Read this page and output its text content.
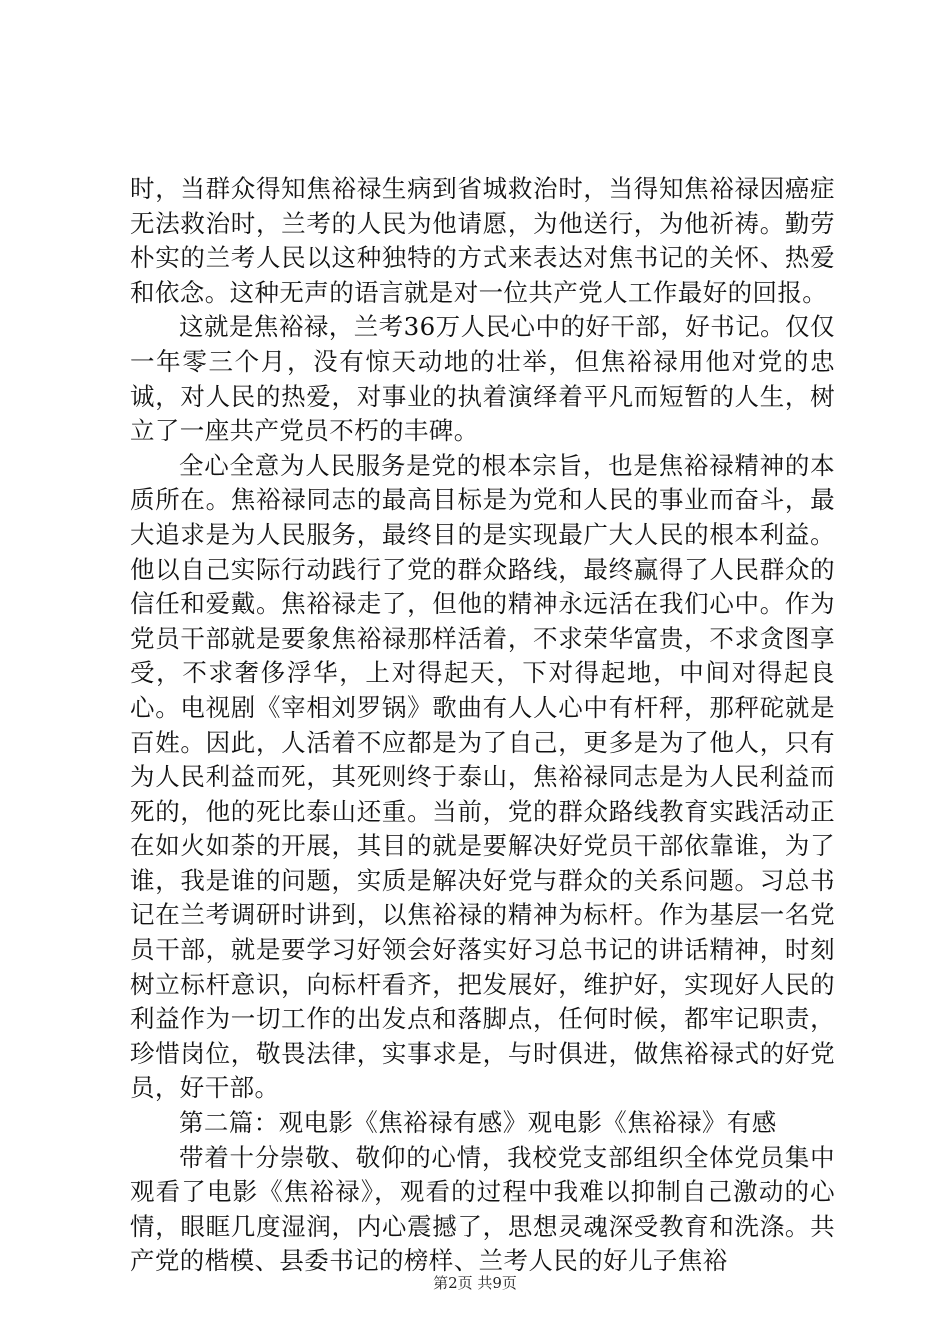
时，当群众得知焦裕禄生病到省城救治时，当得知焦裕禄因癌症无法救治时，兰考的人民为他请愿，为他送行，为他祈祷。勤劳朴实的兰考人民以这种独特的方式来表达对焦书记的关怀、热爱和依念。这种无声的语言就是对一位共产党人工作最好的回报。

这就是焦裕禄，兰考36万人民心中的好干部，好书记。仅仅一年零三个月，没有惊天动地的壮举，但焦裕禄用他对党的忠诚，对人民的热爱，对事业的执着演绎着平凡而短暂的人生，树立了一座共产党员不朽的丰碑。

全心全意为人民服务是党的根本宗旨，也是焦裕禄精神的本质所在。焦裕禄同志的最高目标是为党和人民的事业而奋斗，最大追求是为人民服务，最终目的是实现最广大人民的根本利益。他以自己实际行动践行了党的群众路线，最终赢得了人民群众的信任和爱戴。焦裕禄走了，但他的精神永远活在我们心中。作为党员干部就是要象焦裕禄那样活着，不求荣华富贵，不求贪图享受，不求奢侈浮华，上对得起天，下对得起地，中间对得起良心。电视剧《宰相刘罗锅》歌曲有人人心中有杆秤，那秤砣就是百姓。因此，人活着不应都是为了自己，更多是为了他人，只有为人民利益而死，其死则终于泰山，焦裕禄同志是为人民利益而死的，他的死比泰山还重。当前，党的群众路线教育实践活动正在如火如荼的开展，其目的就是要解决好党员干部依靠谁，为了谁，我是谁的问题，实质是解决好党与群众的关系问题。习总书记在兰考调研时讲到，以焦裕禄的精神为标杆。作为基层一名党员干部，就是要学习好领会好落实好习总书记的讲话精神，时刻树立标杆意识，向标杆看齐，把发展好，维护好，实现好人民的利益作为一切工作的出发点和落脚点，任何时候，都牢记职责，珍惜岗位，敬畏法律，实事求是，与时俱进，做焦裕禄式的好党员，好干部。

第二篇：观电影《焦裕禄有感》观电影《焦裕禄》有感

带着十分崇敬、敬仰的心情，我校党支部组织全体党员集中观看了电影《焦裕禄》，观看的过程中我难以抑制自己激动的心情，眼眶几度湿润，内心震撼了，思想灵魂深受教育和洗涤。共产党的楷模、县委书记的榜样、兰考人民的好儿子焦裕

第2页 共9页
